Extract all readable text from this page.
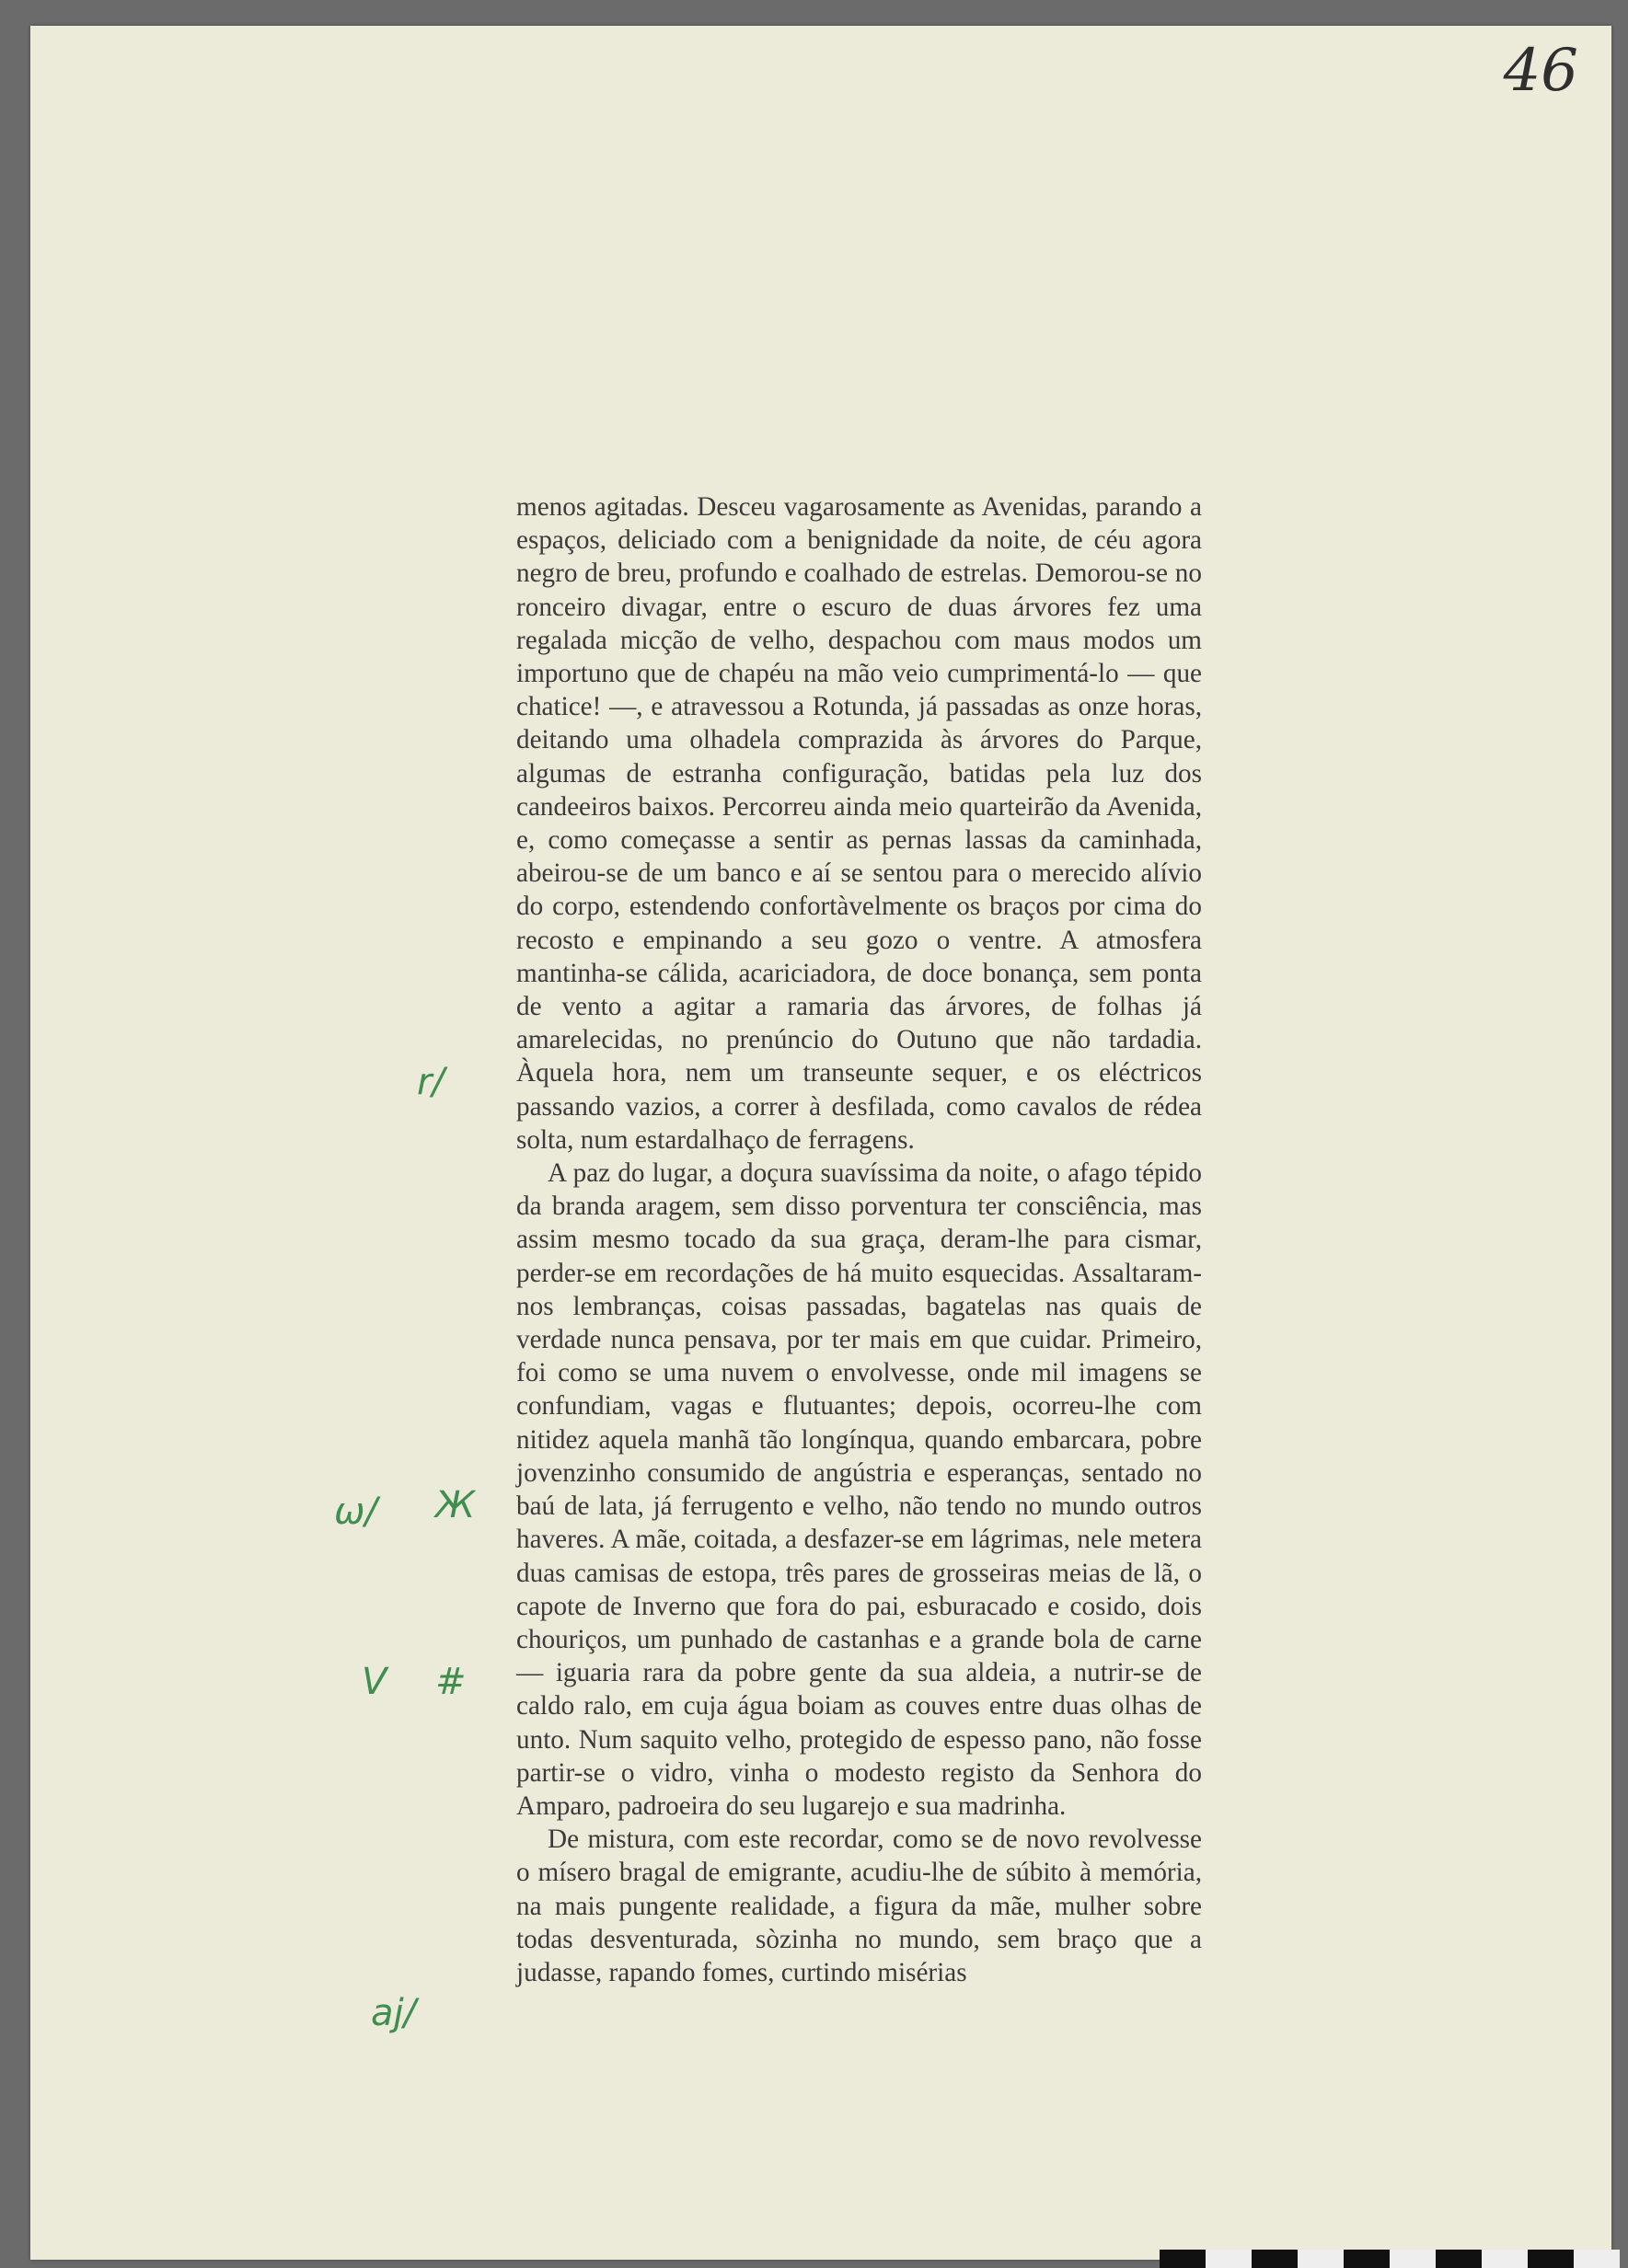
46

menos agitadas. Desceu vagarosamente as Avenidas, parando a espaços, deliciado com a benignidade da noite, de céu agora negro de breu, profundo e coalhado de estrelas. Demorou-se no ronceiro divagar, entre o escuro de duas árvores fez uma regalada micção de velho, despachou com maus modos um importuno que de chapéu na mão veio cumprimentá-lo — que chatice! —, e atravessou a Rotunda, já passadas as onze horas, deitando uma olhadela comprazida às árvores do Parque, algumas de estranha configuração, batidas pela luz dos candeeiros baixos. Percorreu ainda meio quarteirão da Avenida, e, como começasse a sentir as pernas lassas da caminhada, abeirou-se de um banco e aí se sentou para o merecido alívio do corpo, estendendo confortàvelmente os braços por cima do recosto e empinando a seu gozo o ventre. A atmosfera mantinha-se cálida, acariciadora, de doce bonança, sem ponta de vento a agitar a ramaria das árvores, de folhas já amarelecidas, no prenúncio do Outuno que não tardadia. Àquela hora, nem um transeunte sequer, e os eléctricos passando vazios, a correr à desfilada, como cavalos de rédea solta, num estardalhaço de ferragens.

A paz do lugar, a doçura suavíssima da noite, o afago tépido da branda aragem, sem disso porventura ter consciência, mas assim mesmo tocado da sua graça, deram-lhe para cismar, perder-se em recordações de há muito esquecidas. Assaltaram-nos lembranças, coisas passadas, bagatelas nas quais de verdade nunca pensava, por ter mais em que cuidar. Primeiro, foi como se uma nuvem o envolvesse, onde mil imagens se confundiam, vagas e flutuantes; depois, ocorreu-lhe com nitidez aquela manhã tão longínqua, quando embarcara, pobre jovenzinho consumido de angústria e esperanças, sentado no baú de lata, já ferrugento e velho, não tendo no mundo outros haveres. A mãe, coitada, a desfazer-se em lágrimas, nele metera duas camisas de estopa, três pares de grosseiras meias de lã, o capote de Inverno que fora do pai, esburacado e cosido, dois chouriços, um punhado de castanhas e a grande bola de carne — iguaria rara da pobre gente da sua aldeia, a nutrir-se de caldo ralo, em cuja água boiam as couves entre duas olhas de unto. Num saquito velho, protegido de espesso pano, não fosse partir-se o vidro, vinha o modesto registo da Senhora do Amparo, padroeira do seu lugarejo e sua madrinha.

De mistura, com este recordar, como se de novo revolvesse o mísero bragal de emigrante, acudiu-lhe de súbito à memória, na mais pungente realidade, a figura da mãe, mulher sobre todas desventurada, sòzinha no mundo, sem braço que a judasse, rapando fomes, curtindo misérias

r/
ω/ Ж
V #
aj/
